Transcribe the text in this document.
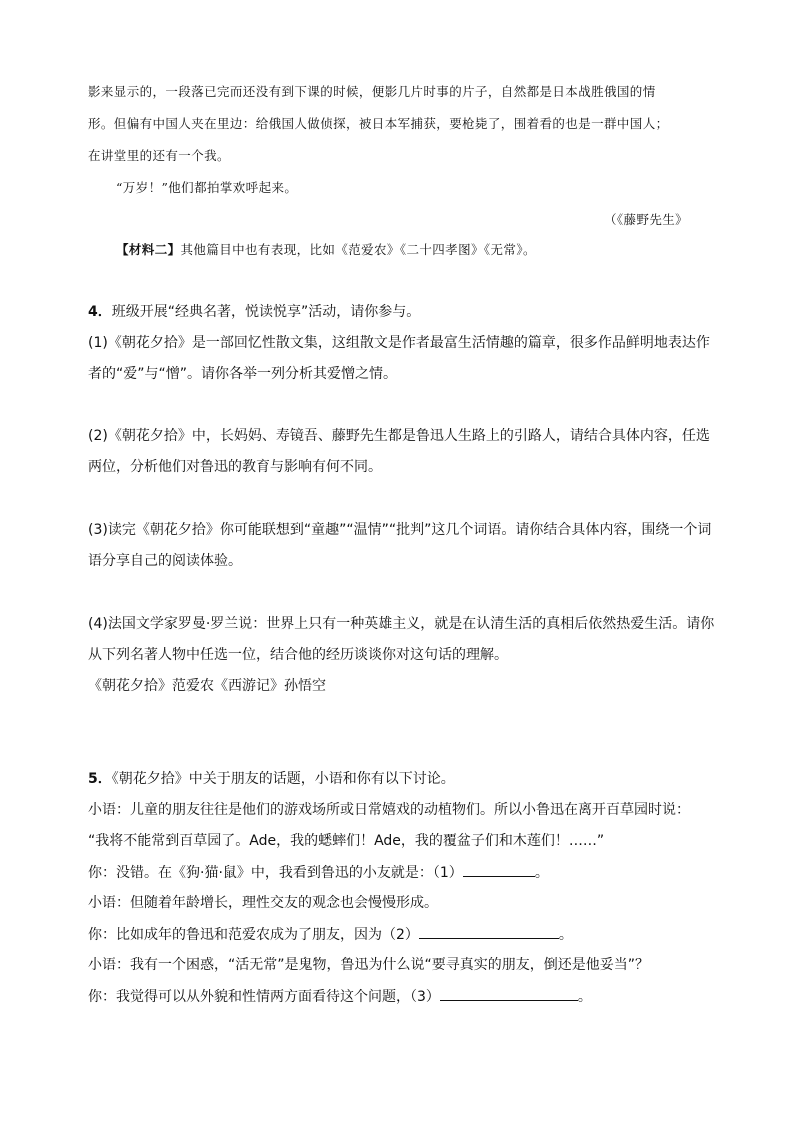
影来显示的，一段落已完而还没有到下课的时候，便影几片时事的片子，自然都是日本战胜俄国的情
形。但偏有中国人夹在里边：给俄国人做侦探，被日本军捕获，要枪毙了，围着看的也是一群中国人；
在讲堂里的还有一个我。
“万岁！”他们都拍掌欢呼起来。
（《藤野先生》
【材料二】其他篇目中也有表现，比如《范爱农》《二十四孝图》《无常》。
4．班级开展“经典名著，悦读悦享”活动，请你参与。
(1)《朝花夕拾》是一部回忆性散文集，这组散文是作者最富生活情趣的篇章，很多作品鲜明地表达作
者的“爱”与“憎”。请你各举一列分析其爱憎之情。
(2)《朝花夕拾》中，长妈妈、寿镜吾、藤野先生都是鲁迅人生路上的引路人，请结合具体内容，任选
两位，分析他们对鲁迅的教育与影响有何不同。
(3)读完《朝花夕拾》你可能联想到“童趣”“温情”“批判”这几个词语。请你结合具体内容，围绕一个词
语分享自己的阅读体验。
(4)法国文学家罗曼·罗兰说：世界上只有一种英雄主义，就是在认清生活的真相后依然热爱生活。请你
从下列名著人物中任选一位，结合他的经历谈谈你对这句话的理解。
《朝花夕拾》范爱农《西游记》孙悟空
5．《朝花夕拾》中关于朋友的话题，小语和你有以下讨论。
小语：儿童的朋友往往是他们的游戏场所或日常嬉戏的动植物们。所以小鲁迅在离开百草园时说：
“我将不能常到百草园了。Ade，我的蟋蟀们！Ade，我的覆盆子们和木莲们！……”
你：没错。在《狗·猫·鼠》中，我看到鲁迅的小友就是：（1）	。
小语：但随着年龄增长，理性交友的观念也会慢慢形成。
你：比如成年的鲁迅和范爱农成为了朋友，因为（2）	。
小语：我有一个困惑，“活无常”是鬼物，鲁迅为什么说“要寻真实的朋友，倒还是他妥当”？
你：我觉得可以从外貌和性情两方面看待这个问题，（3）	。
